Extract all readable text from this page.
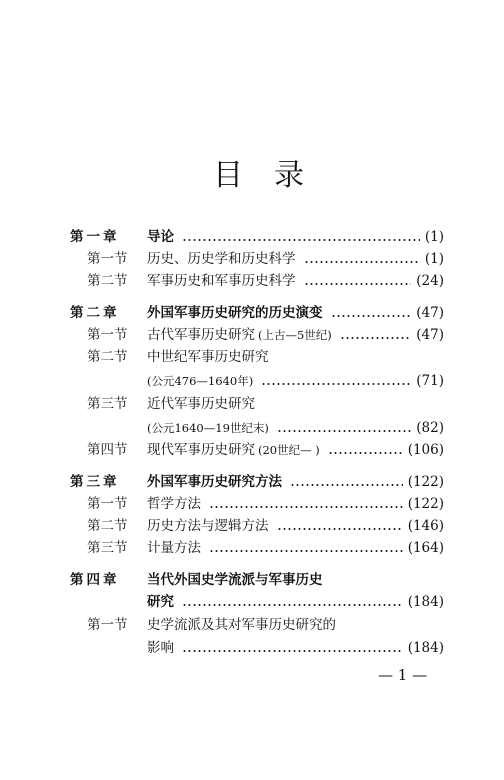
目 录
第一章 导论	(1)
第一节 历史、历史学和历史科学	(1)
第二节 军事历史和军事历史科学	(24)
第二章 外国军事历史研究的历史演变	(47)
第一节 古代军事历史研究 (上古—5世纪)	(47)
第二节 中世纪军事历史研究
(公元476—1640年)	(71)
第三节 近代军事历史研究
(公元1640—19世纪末)	(82)
第四节 现代军事历史研究 (20世纪— )	(106)
第三章 外国军事历史研究方法	(122)
第一节 哲学方法	(122)
第二节 历史方法与逻辑方法	(146)
第三节 计量方法	(164)
第四章 当代外国史学流派与军事历史
研究	(184)
第一节 史学流派及其对军事历史研究的
影响	(184)
— 1 —
